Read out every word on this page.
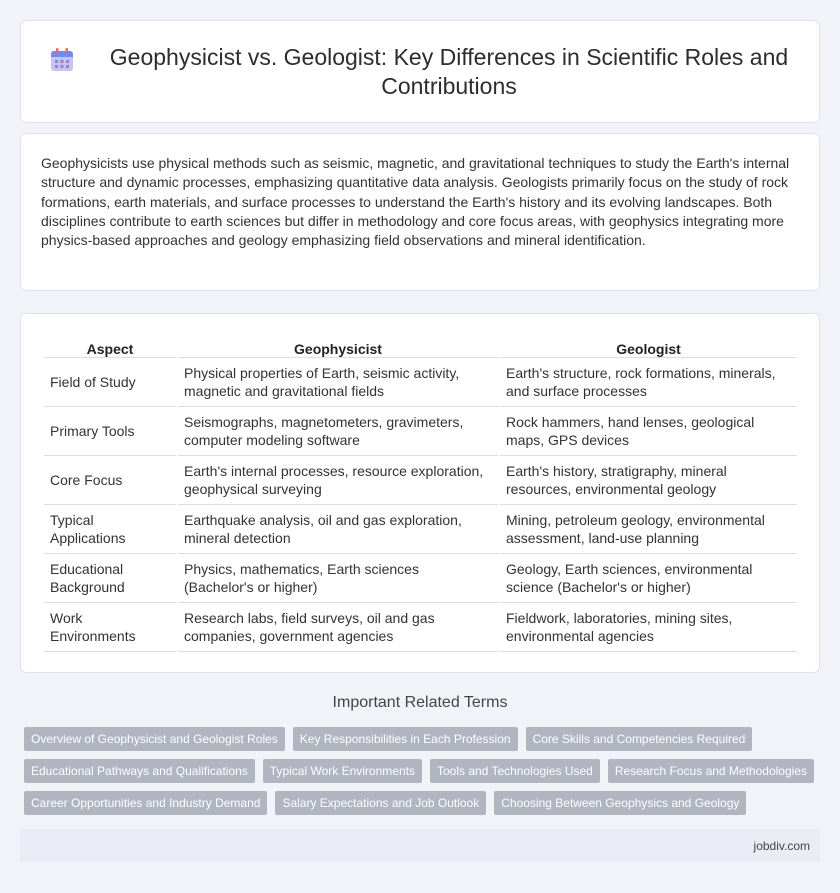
Geophysicist vs. Geologist: Key Differences in Scientific Roles and Contributions

Geophysicists use physical methods such as seismic, magnetic, and gravitational techniques to study the Earth's internal structure and dynamic processes, emphasizing quantitative data analysis. Geologists primarily focus on the study of rock formations, earth materials, and surface processes to understand the Earth's history and its evolving landscapes. Both disciplines contribute to earth sciences but differ in methodology and core focus areas, with geophysics integrating more physics-based approaches and geology emphasizing field observations and mineral identification.

Aspect	Geophysicist	Geologist
Field of Study	Physical properties of Earth, seismic activity, magnetic and gravitational fields	Earth's structure, rock formations, minerals, and surface processes
Primary Tools	Seismographs, magnetometers, gravimeters, computer modeling software	Rock hammers, hand lenses, geological maps, GPS devices
Core Focus	Earth's internal processes, resource exploration, geophysical surveying	Earth's history, stratigraphy, mineral resources, environmental geology
Typical Applications	Earthquake analysis, oil and gas exploration, mineral detection	Mining, petroleum geology, environmental assessment, land-use planning
Educational Background	Physics, mathematics, Earth sciences (Bachelor's or higher)	Geology, Earth sciences, environmental science (Bachelor's or higher)
Work Environments	Research labs, field surveys, oil and gas companies, government agencies	Fieldwork, laboratories, mining sites, environmental agencies
Important Related Terms
Overview of Geophysicist and Geologist Roles	Key Responsibilities in Each Profession	Core Skills and Competencies Required
Educational Pathways and Qualifications	Typical Work Environments	Tools and Technologies Used	Research Focus and Methodologies
Career Opportunities and Industry Demand	Salary Expectations and Job Outlook	Choosing Between Geophysics and Geology
jobdiv.com
